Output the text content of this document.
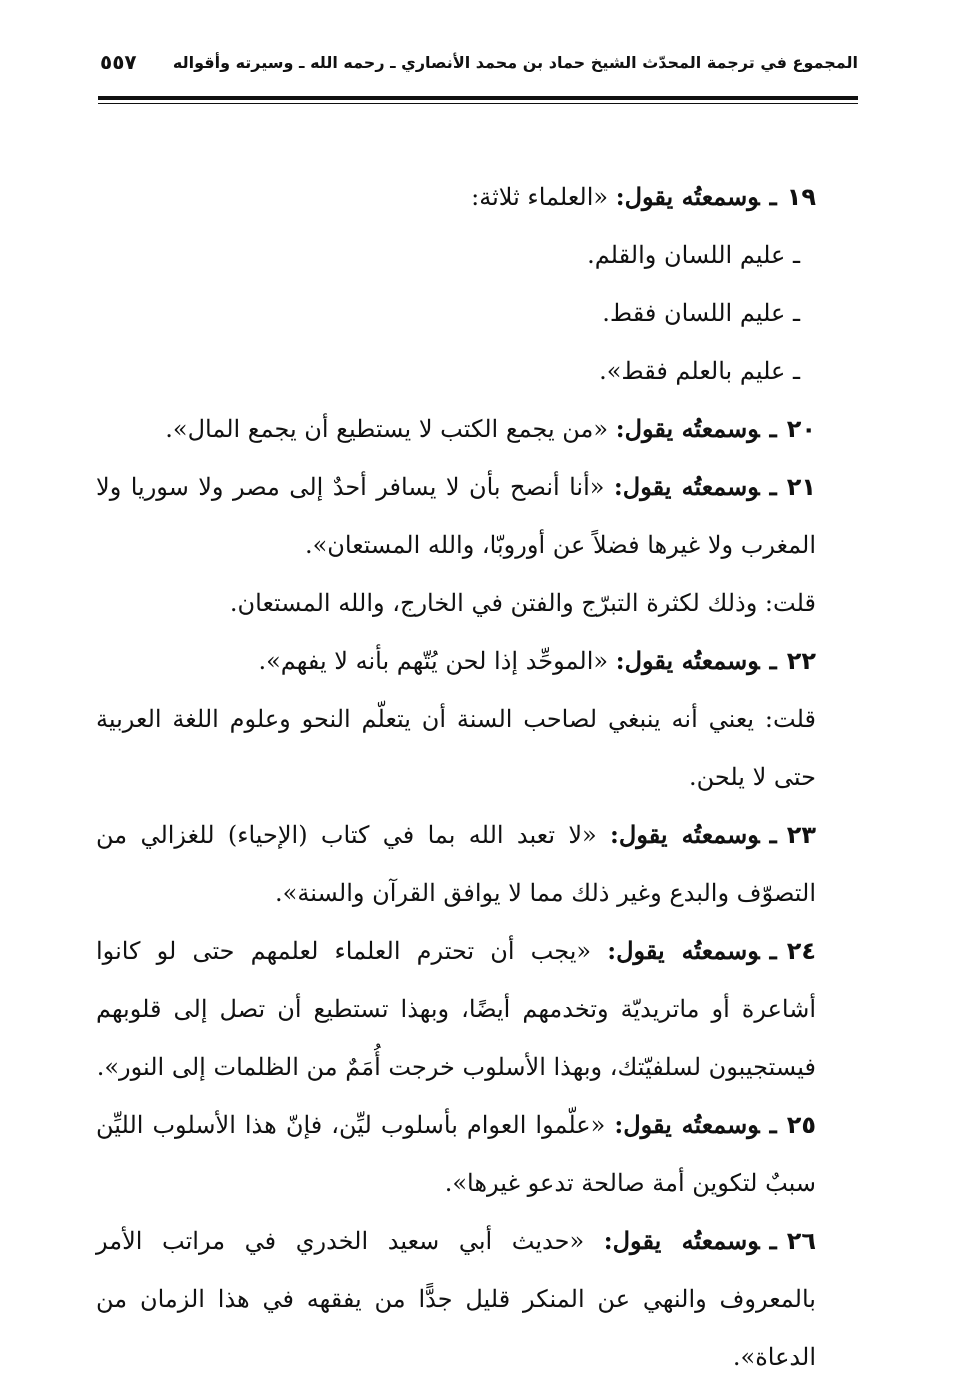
المجموع في ترجمة المحدّث الشيخ حماد بن محمد الأنصاري ـ رحمه الله ـ وسيرته وأقواله
٥٥٧

١٩ـوسمعتُه يقول: «العلماء ثلاثة:

ـ عليم اللسان والقلم.

ـ عليم اللسان فقط.

ـ عليم بالعلم فقط».

٢٠ـوسمعتُه يقول: «من يجمع الكتب لا يستطيع أن يجمع المال».

٢١ـوسمعتُه يقول: «أنا أنصح بأن لا يسافر أحدٌ إلى مصر ولا سوريا ولا المغرب ولا غيرها فضلاً عن أوروبّا، والله المستعان».

قلت: وذلك لكثرة التبرّج والفتن في الخارج، والله المستعان.

٢٢ـوسمعتُه يقول: «الموحِّد إذا لحن يُتّهم بأنه لا يفهم».

قلت: يعني أنه ينبغي لصاحب السنة أن يتعلّم النحو وعلوم اللغة العربية حتى لا يلحن.

٢٣ـوسمعتُه يقول: «لا تعبد الله بما في كتاب (الإحياء) للغزالي من التصوّف والبدع وغير ذلك مما لا يوافق القرآن والسنة».

٢٤ـوسمعتُه يقول: «يجب أن تحترم العلماء لعلمهم حتى لو كانوا أشاعرة أو ماتريديّة وتخدمهم أيضًا، وبهذا تستطيع أن تصل إلى قلوبهم فيستجيبون لسلفيّتك، وبهذا الأسلوب خرجت أُمَمٌ من الظلمات إلى النور».

٢٥ـوسمعتُه يقول: «علّموا العوام بأسلوب ليِّن، فإنّ هذا الأسلوب الليِّن سببٌ لتكوين أمة صالحة تدعو غيرها».

٢٦ـوسمعتُه يقول: «حديث أبي سعيد الخدري في مراتب الأمر بالمعروف والنهي عن المنكر قليل جدًّا من يفقهه في هذا الزمان من الدعاة».
